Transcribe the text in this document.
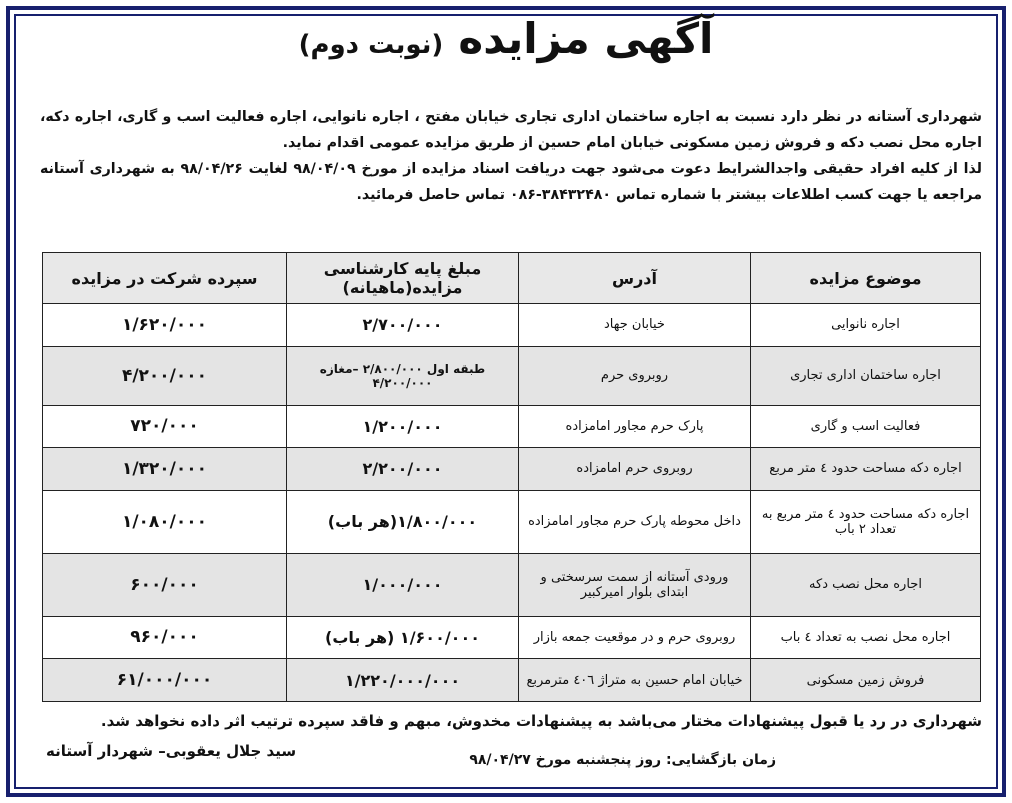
آگهی مزایده (نوبت دوم)

شهرداری آستانه در نظر دارد نسبت به اجاره ساختمان اداری تجاری خیابان مفتح ، اجاره نانوایی، اجاره فعالیت اسب و گاری، اجاره دکه، اجاره محل نصب دکه و فروش زمین مسکونی خیابان امام حسین از طریق مزایده عمومی اقدام نماید.

لذا از کلیه افراد حقیقی واجدالشرایط دعوت می‌شود جهت دریافت اسناد مزایده از مورخ ۹۸/۰۴/۰۹ لغایت ۹۸/۰۴/۲۶ به شهرداری آستانه مراجعه یا جهت کسب اطلاعات بیشتر با شماره تماس ۳۸۴۳۲۴۸۰-۰۸۶ تماس حاصل فرمائید.

موضوع مزایده	آدرس	مبلغ پایه کارشناسی مزایده(ماهیانه)	سپرده شرکت در مزایده
اجاره نانوایی	خیابان جهاد	۲/۷۰۰/۰۰۰	۱/۶۲۰/۰۰۰
اجاره ساختمان اداری تجاری	روبروی حرم	طبقه اول ۲/۸۰۰/۰۰۰ –مغازه ۴/۲۰۰/۰۰۰	۴/۲۰۰/۰۰۰
فعالیت اسب و گاری	پارک حرم مجاور امامزاده	۱/۲۰۰/۰۰۰	۷۲۰/۰۰۰
اجاره دکه مساحت حدود ٤ متر مربع	روبروی حرم امامزاده	۲/۲۰۰/۰۰۰	۱/۳۲۰/۰۰۰
اجاره دکه مساحت حدود ٤ متر مربع به تعداد ۲ باب	داخل محوطه پارک حرم مجاور امامزاده	۱/۸۰۰/۰۰۰(هر باب)	۱/۰۸۰/۰۰۰
اجاره محل نصب دکه	ورودی آستانه از سمت سرسختی و ابتدای بلوار امیرکبیر	۱/۰۰۰/۰۰۰	۶۰۰/۰۰۰
اجاره محل نصب به تعداد ٤ باب	روبروی حرم و در موقعیت جمعه بازار	۱/۶۰۰/۰۰۰ (هر باب)	۹۶۰/۰۰۰
فروش زمین مسکونی	خیابان امام حسین به متراژ ٤٠٦ مترمربع	۱/۲۲۰/۰۰۰/۰۰۰	۶۱/۰۰۰/۰۰۰
شهرداری در رد یا قبول پیشنهادات مختار می‌باشد به پیشنهادات مخدوش، مبهم و فاقد سپرده ترتیب اثر داده نخواهد شد.
زمان بازگشایی: روز پنجشنبه مورخ ۹۸/۰۴/۲۷
سید جلال یعقوبی– شهردار آستانه
